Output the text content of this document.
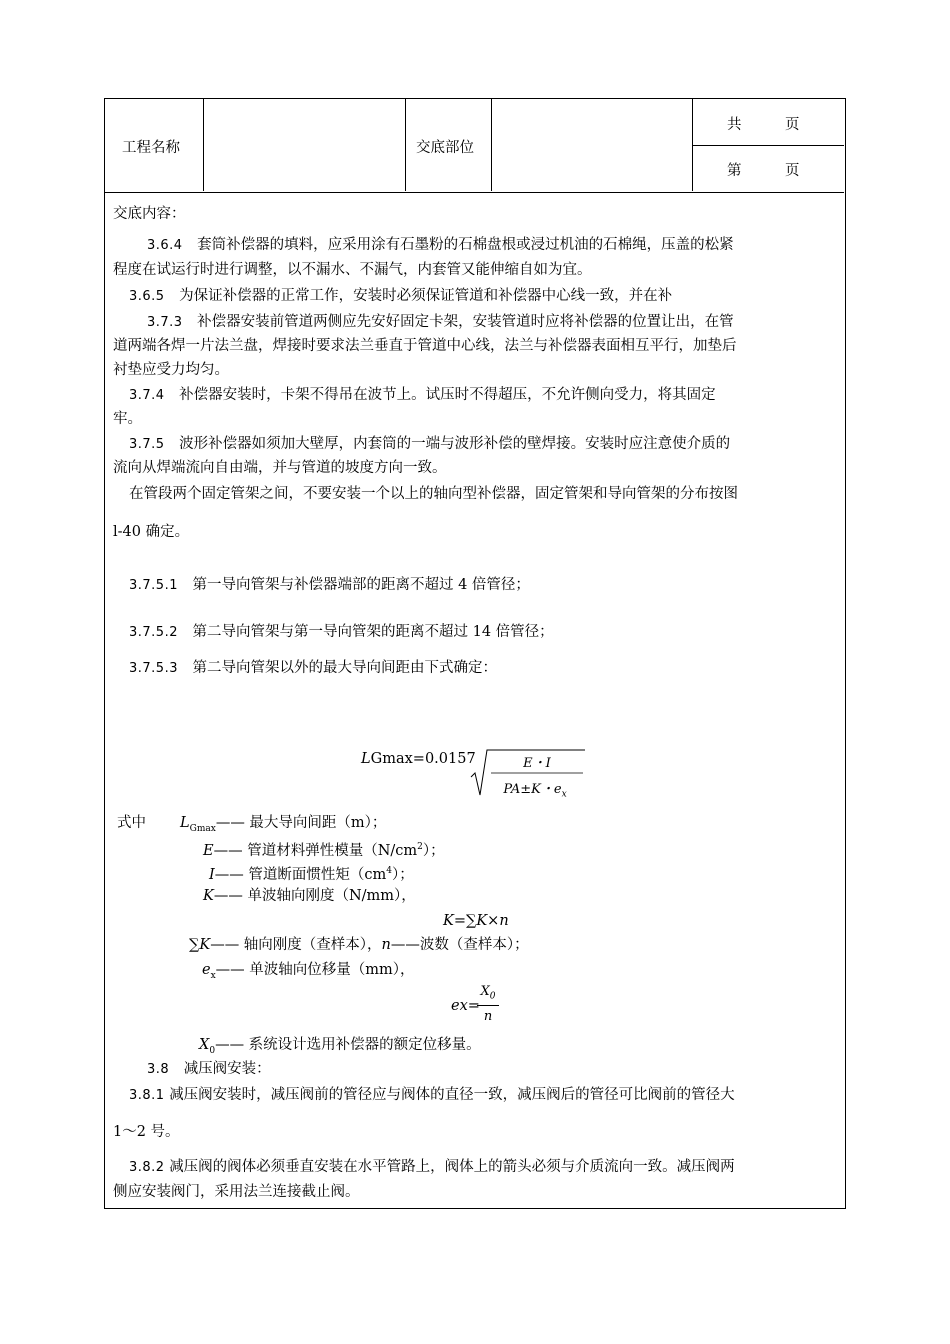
工程名称	交底部位
共　　　页
第　　　页
交底内容：
3.6.4　 套筒补偿器的填料，应采用涂有石墨粉的石棉盘根或浸过机油的石棉绳，压盖的松紧
程度在试运行时进行调整，以不漏水、不漏气，内套管又能伸缩自如为宜。
3.6.5　 为保证补偿器的正常工作，安装时必须保证管道和补偿器中心线一致，并在补
3.7.3　 补偿器安装前管道两侧应先安好固定卡架，安装管道时应将补偿器的位置让出，在管
道两端各焊一片法兰盘，焊接时要求法兰垂直于管道中心线，法兰与补偿器表面相互平行，加垫后
衬垫应受力均匀。
3.7.4　 补偿器安装时，卡架不得吊在波节上。试压时不得超压，不允许侧向受力，将其固定
牢。
3.7.5　 波形补偿器如须加大壁厚，内套筒的一端与波形补偿的壁焊接。安装时应注意使介质的
流向从焊端流向自由端，并与管道的坡度方向一致。
在管段两个固定管架之间，不要安装一个以上的轴向型补偿器，固定管架和导向管架的分布按图
l-40 确定。
3.7.5.1　 第一导向管架与补偿器端部的距离不超过 4 倍管径；
3.7.5.2　 第二导向管架与第一导向管架的距离不超过 14 倍管径；
3.7.5.3　 第二导向管架以外的最大导向间距由下式确定：
LGmax=0.0157	E・I
PA±K・$e_x$
式中 $L_{Gmax}——$ 最大导向间距（m）；
E—— 管道材料弹性模量$(N/cm^2)$；
I—— 管道断面惯性矩$(cm^4)$；
K—— 单波轴向刚度（N/mm），
K=∑K×n
∑K—— 轴向刚度（查样本），n——波数（查样本）；
$e_x——$ 单波轴向位移量（mm），
ex=
$X_0$
n
$X_0——$ 系统设计选用补偿器的额定位移量。
3.8　 减压阀安装：
3.8.1 减压阀安装时，减压阀前的管径应与阀体的直径一致，减压阀后的管径可比阀前的管径大
1～2 号。
3.8.2 减压阀的阀体必须垂直安装在水平管路上，阀体上的箭头必须与介质流向一致。减压阀两
侧应安装阀门，采用法兰连接截止阀。
